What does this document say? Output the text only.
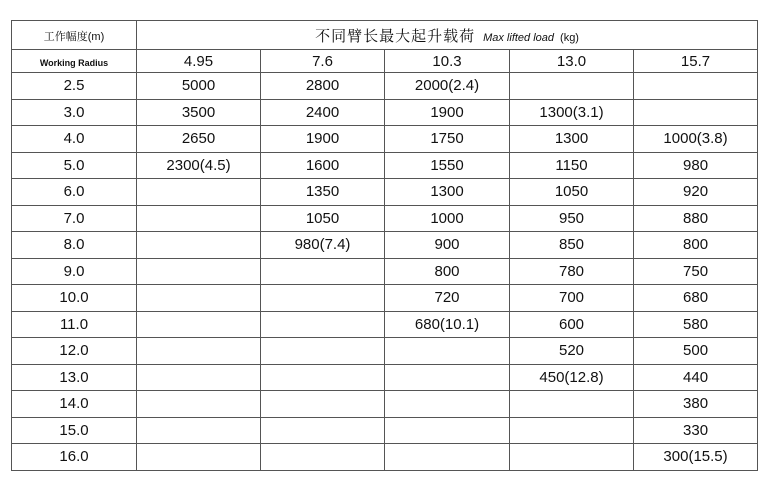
工作幅度(m)	不同臂长最大起升载荷 Max lifted load (kg)				
Working Radius	4.95	7.6	10.3	13.0	15.7
2.5	5000	2800	2000(2.4)		
3.0	3500	2400	1900	1300(3.1)	
4.0	2650	1900	1750	1300	1000(3.8)
5.0	2300(4.5)	1600	1550	1150	980
6.0		1350	1300	1050	920
7.0		1050	1000	950	880
8.0		980(7.4)	900	850	800
9.0			800	780	750
10.0			720	700	680
11.0			680(10.1)	600	580
12.0				520	500
13.0				450(12.8)	440
14.0					380
15.0					330
16.0					300(15.5)
